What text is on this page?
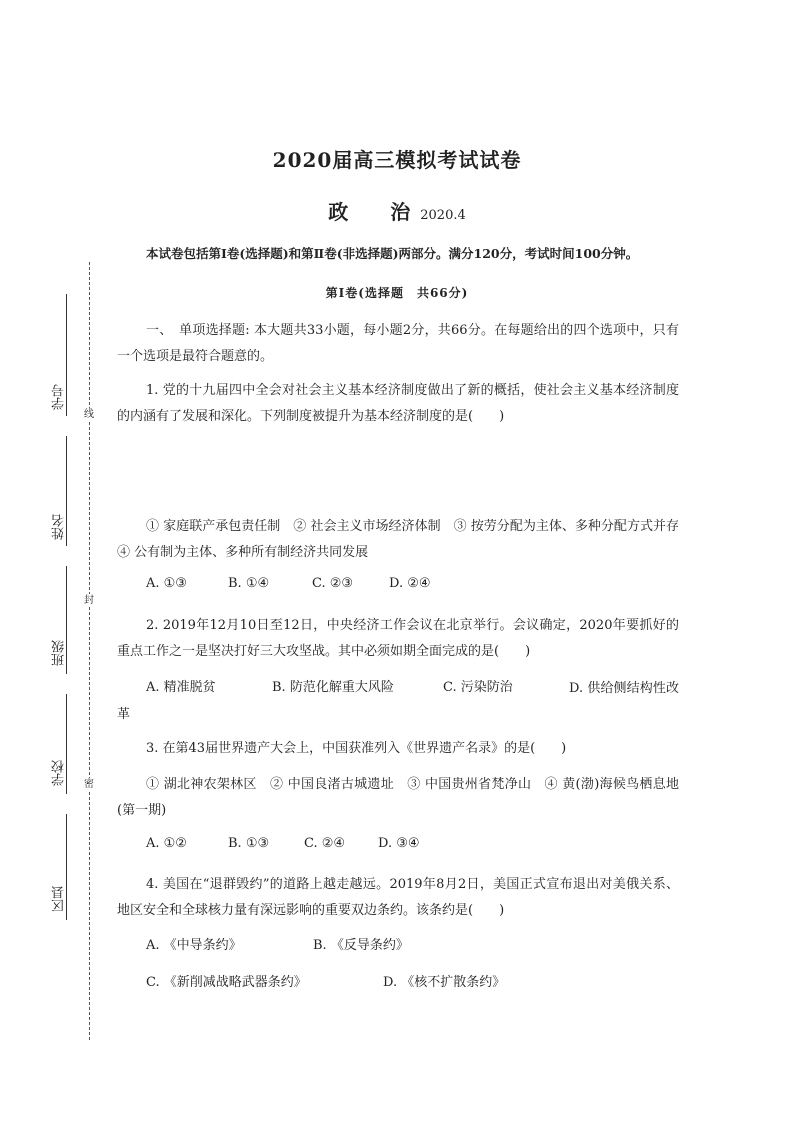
2020届高三模拟考试试卷
政 治 2020.4
本试卷包括第Ⅰ卷(选择题)和第Ⅱ卷(非选择题)两部分。满分120分，考试时间100分钟。
第Ⅰ卷(选择题　共66分)
一、　单项选择题: 本大题共33小题，每小题2分，共66分。在每题给出的四个选项中，只有一个选项是最符合题意的。
1. 党的十九届四中全会对社会主义基本经济制度做出了新的概括，使社会主义基本经济制度的内涵有了发展和深化。下列制度被提升为基本经济制度的是(　　)
① 家庭联产承包责任制　② 社会主义市场经济体制　③ 按劳分配为主体、多种分配方式并存　④ 公有制为主体、多种所有制经济共同发展
A. ①③	B. ①④	C. ②③	D. ②④
2. 2019年12月10日至12日，中央经济工作会议在北京举行。会议确定，2020年要抓好的重点工作之一是坚决打好三大攻坚战。其中必须如期全面完成的是(　　)
A. 精准脱贫	B. 防范化解重大风险	C. 污染防治	D. 供给侧结构性改革
3. 在第43届世界遗产大会上，中国获准列入《世界遗产名录》的是(　　)
① 湖北神农架林区　② 中国良渚古城遗址　③ 中国贵州省梵净山　④ 黄(渤)海候鸟栖息地(第一期)
A. ①②	B. ①③	C. ②④	D. ③④
4. 美国在“退群毁约”的道路上越走越远。2019年8月2日，美国正式宣布退出对美俄关系、地区安全和全球核力量有深远影响的重要双边条约。该条约是(　　)
A. 《中导条约》	B. 《反导条约》
C. 《新削减战略武器条约》	D. 《核不扩散条约》
线
封
密
学号
姓名
班级
学校
区县
